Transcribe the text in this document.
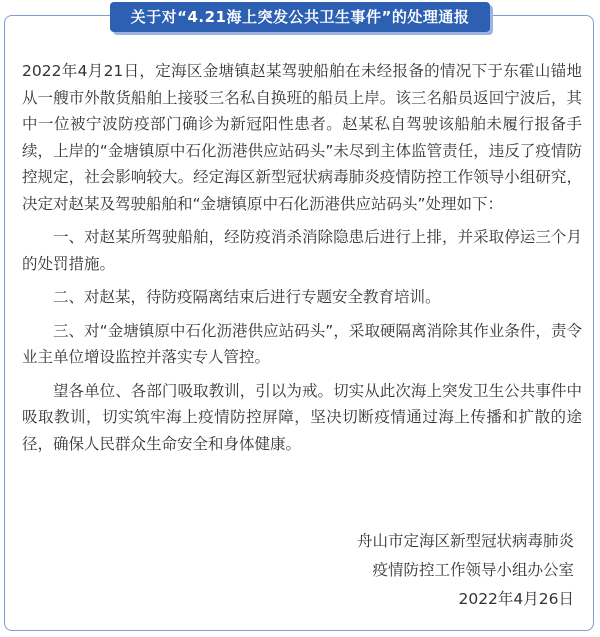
关于对“4.21海上突发公共卫生事件”的处理通报

2022年4月21日，定海区金塘镇赵某驾驶船舶在未经报备的情况下于东霍山锚地从一艘市外散货船舶上接驳三名私自换班的船员上岸。该三名船员返回宁波后，其中一位被宁波防疫部门确诊为新冠阳性患者。赵某私自驾驶该船舶未履行报备手续，上岸的“金塘镇原中石化沥港供应站码头”未尽到主体监管责任，违反了疫情防控规定，社会影响较大。经定海区新型冠状病毒肺炎疫情防控工作领导小组研究，决定对赵某及驾驶船舶和“金塘镇原中石化沥港供应站码头”处理如下：

一、对赵某所驾驶船舶，经防疫消杀消除隐患后进行上排，并采取停运三个月的处罚措施。

二、对赵某，待防疫隔离结束后进行专题安全教育培训。

三、对“金塘镇原中石化沥港供应站码头”，采取硬隔离消除其作业条件，责令业主单位增设监控并落实专人管控。

望各单位、各部门吸取教训，引以为戒。切实从此次海上突发卫生公共事件中吸取教训，切实筑牢海上疫情防控屏障，坚决切断疫情通过海上传播和扩散的途径，确保人民群众生命安全和身体健康。

舟山市定海区新型冠状病毒肺炎
疫情防控工作领导小组办公室
2022年4月26日
